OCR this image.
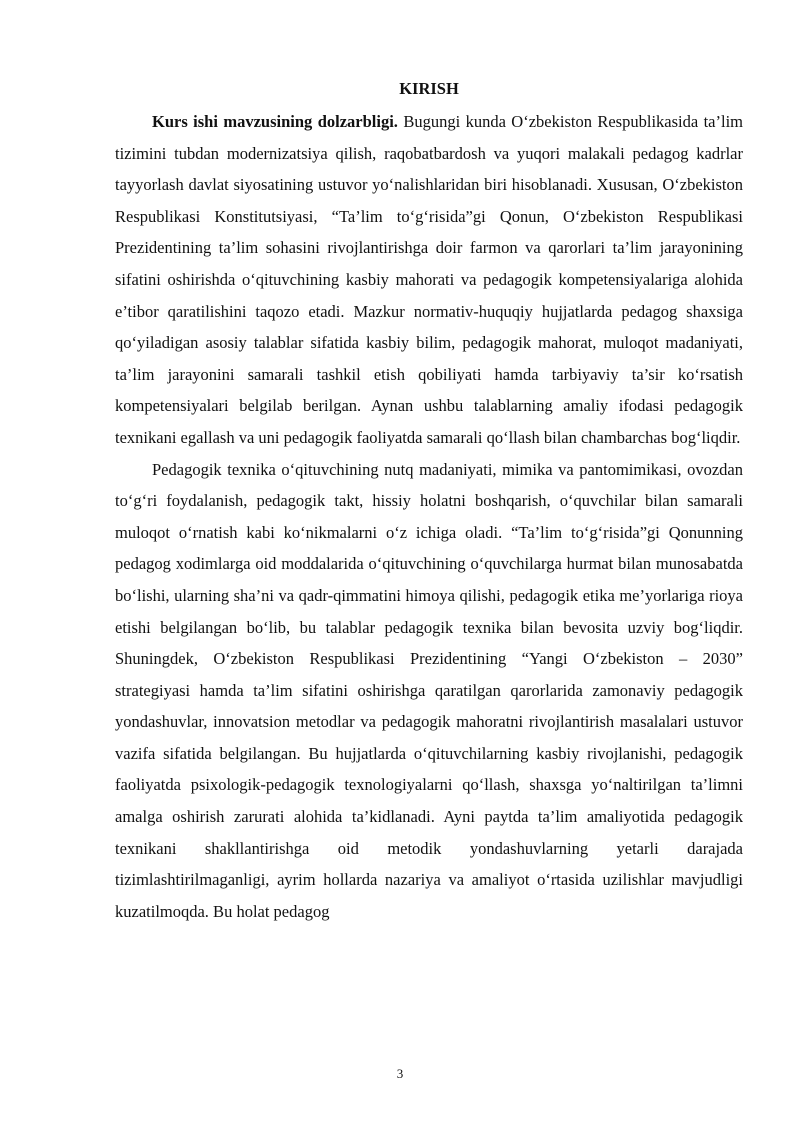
KIRISH

Kurs ishi mavzusining dolzarbligi. Bugungi kunda O‘zbekiston Respublikasida ta’lim tizimini tubdan modernizatsiya qilish, raqobatbardosh va yuqori malakali pedagog kadrlar tayyorlash davlat siyosatining ustuvor yo‘nalishlaridan biri hisoblanadi. Xususan, O‘zbekiston Respublikasi Konstitutsiyasi, “Ta’lim to‘g‘risida”gi Qonun, O‘zbekiston Respublikasi Prezidentining ta’lim sohasini rivojlantirishga doir farmon va qarorlari ta’lim jarayonining sifatini oshirishda o‘qituvchining kasbiy mahorati va pedagogik kompetensiyalariga alohida e’tibor qaratilishini taqozo etadi. Mazkur normativ-huquqiy hujjatlarda pedagog shaxsiga qo‘yiladigan asosiy talablar sifatida kasbiy bilim, pedagogik mahorat, muloqot madaniyati, ta’lim jarayonini samarali tashkil etish qobiliyati hamda tarbiyaviy ta’sir ko‘rsatish kompetensiyalari belgilab berilgan. Aynan ushbu talablarning amaliy ifodasi pedagogik texnikani egallash va uni pedagogik faoliyatda samarali qo‘llash bilan chambarchas bog‘liqdir.

Pedagogik texnika o‘qituvchining nutq madaniyati, mimika va pantomimikasi, ovozdan to‘g‘ri foydalanish, pedagogik takt, hissiy holatni boshqarish, o‘quvchilar bilan samarali muloqot o‘rnatish kabi ko‘nikmalarni o‘z ichiga oladi. “Ta’lim to‘g‘risida”gi Qonunning pedagog xodimlarga oid moddalarida o‘qituvchining o‘quvchilarga hurmat bilan munosabatda bo‘lishi, ularning sha’ni va qadr-qimmatini himoya qilishi, pedagogik etika me’yorlariga rioya etishi belgilangan bo‘lib, bu talablar pedagogik texnika bilan bevosita uzviy bog‘liqdir. Shuningdek, O‘zbekiston Respublikasi Prezidentining “Yangi O‘zbekiston – 2030” strategiyasi hamda ta’lim sifatini oshirishga qaratilgan qarorlarida zamonaviy pedagogik yondashuvlar, innovatsion metodlar va pedagogik mahoratni rivojlantirish masalalari ustuvor vazifa sifatida belgilangan. Bu hujjatlarda o‘qituvchilarning kasbiy rivojlanishi, pedagogik faoliyatda psixologik-pedagogik texnologiyalarni qo‘llash, shaxsga yo‘naltirilgan ta’limni amalga oshirish zarurati alohida ta’kidlanadi. Ayni paytda ta’lim amaliyotida pedagogik texnikani shakllantirishga oid metodik yondashuvlarning yetarli darajada tizimlashtirilmaganligi, ayrim hollarda nazariya va amaliyot o‘rtasida uzilishlar mavjudligi kuzatilmoqda. Bu holat pedagog

3
